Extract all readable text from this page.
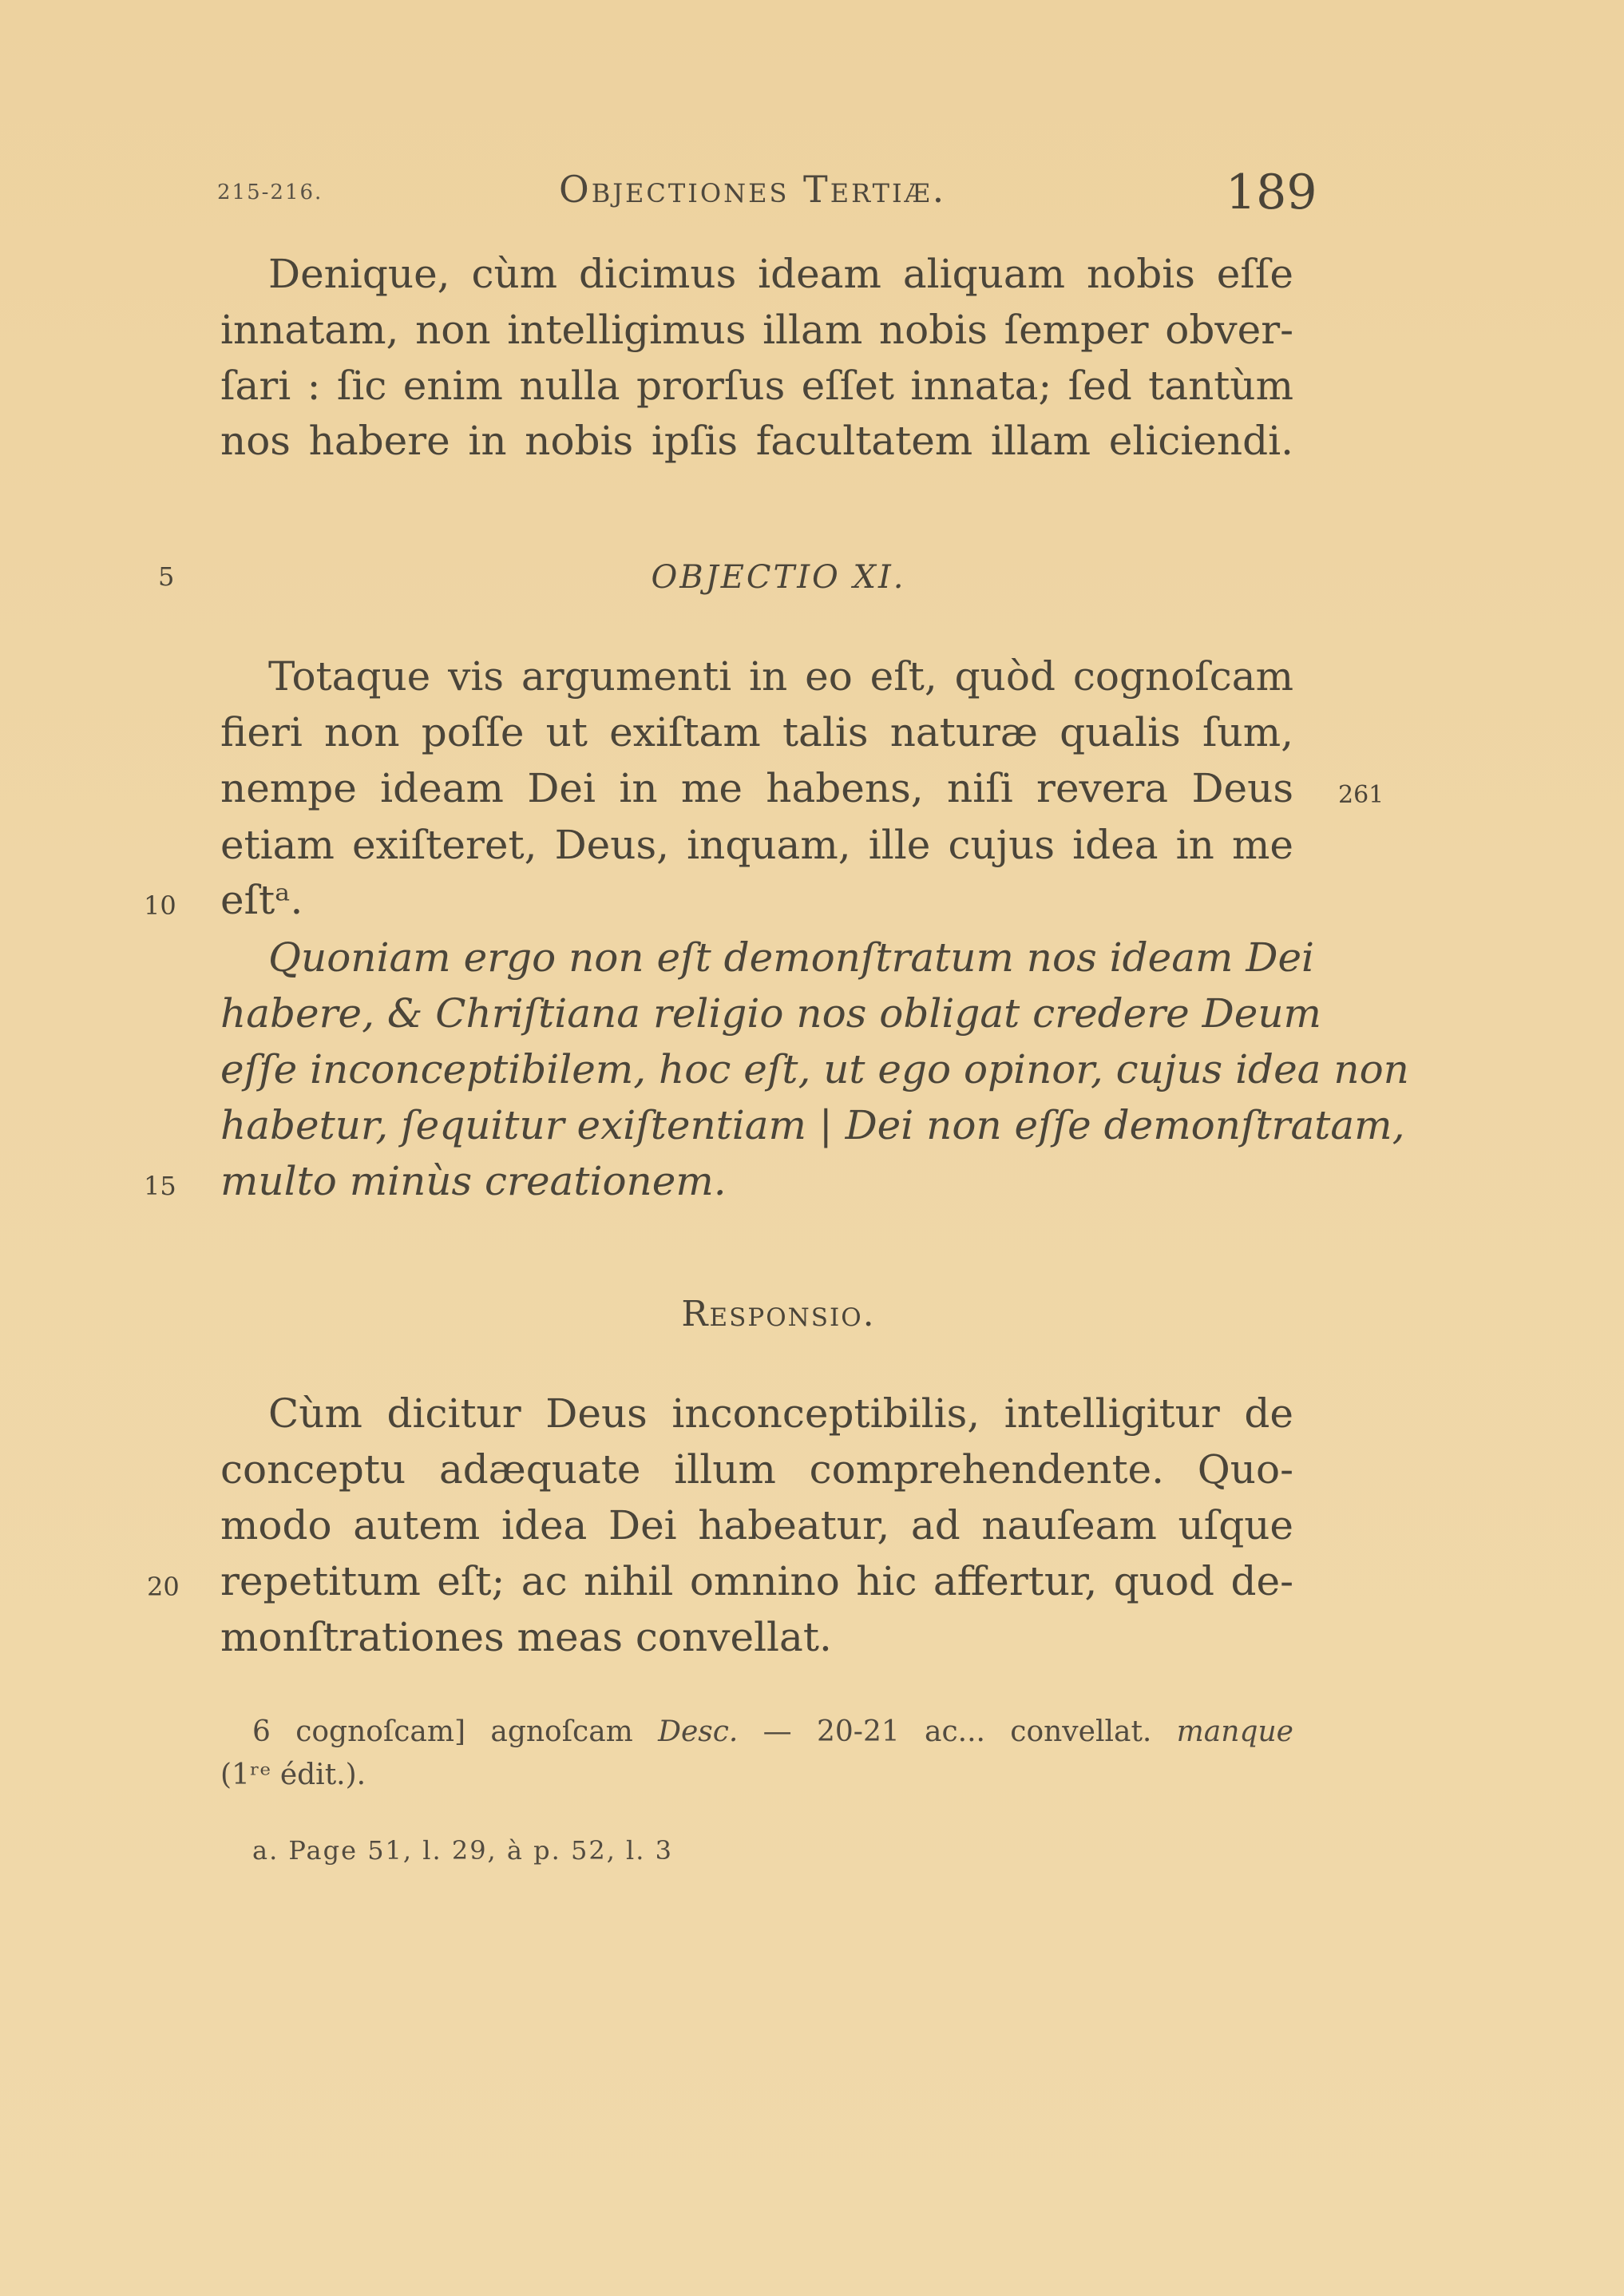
215-216.	Objectiones Tertiæ.	189
Denique, cùm dicimus ideam aliquam nobis eſſe
innatam, non intelligimus illam nobis ſemper obver-
ſari : ſic enim nulla prorſus eſſet innata; ſed tantùm
nos habere in nobis ipſis facultatem illam eliciendi.
5	OBJECTIO XI.
Totaque vis argumenti in eo eſt, quòd cognoſcam
fieri non poſſe ut exiſtam talis naturæ qualis ſum,
nempe ideam Dei in me habens, niſi revera Deus 261
etiam exiſteret, Deus, inquam, ille cujus idea in me
10 eſtᵃ.
Quoniam ergo non eſt demonſtratum nos ideam Dei
habere, & Chriſtiana religio nos obligat credere Deum
eſſe inconceptibilem, hoc eſt, ut ego opinor, cujus idea non
habetur, ſequitur exiſtentiam | Dei non eſſe demonſtratam,
15 multo minùs creationem.
Responsio.
Cùm dicitur Deus inconceptibilis, intelligitur de
conceptu adæquate illum comprehendente. Quo-
modo autem idea Dei habeatur, ad nauſeam uſque
20 repetitum eſt; ac nihil omnino hic affertur, quod de-
monſtrationes meas convellat.
6 cognoſcam] agnoſcam Desc. — 20-21 ac... convellat. manque
(1ʳᵉ édit.).
a. Page 51, l. 29, à p. 52, l. 3
